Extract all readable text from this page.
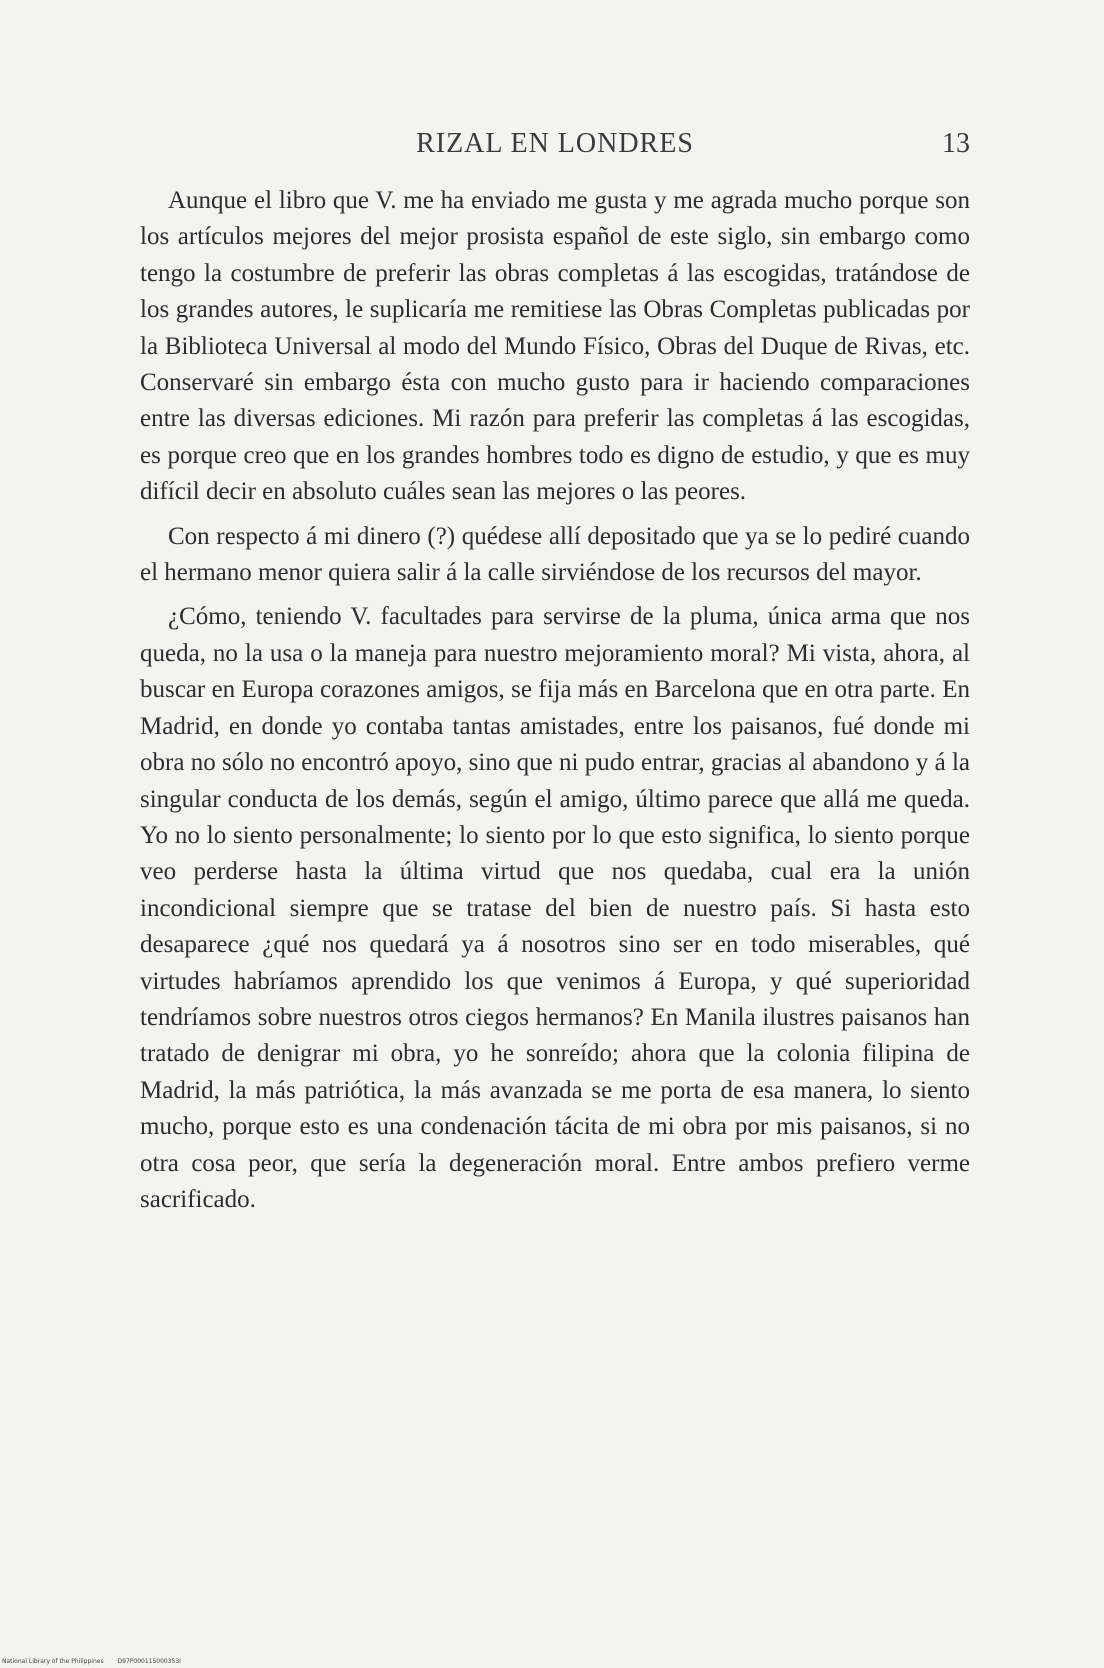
RIZAL EN LONDRES	13

Aunque el libro que V. me ha enviado me gusta y me agrada mucho porque son los artículos mejores del mejor prosista español de este siglo, sin embargo como tengo la costumbre de preferir las obras completas á las escogidas, tratándose de los grandes autores, le suplicaría me remitiese las Obras Completas publicadas por la Biblioteca Universal al modo del Mundo Físico, Obras del Duque de Rivas, etc. Conservaré sin embargo ésta con mucho gusto para ir haciendo comparaciones entre las diversas ediciones. Mi razón para preferir las completas á las escogidas, es porque creo que en los grandes hombres todo es digno de estudio, y que es muy difícil decir en absoluto cuáles sean las mejores o las peores.

Con respecto á mi dinero (?) quédese allí depositado que ya se lo pediré cuando el hermano menor quiera salir á la calle sirviéndose de los recursos del mayor.

¿Cómo, teniendo V. facultades para servirse de la pluma, única arma que nos queda, no la usa o la maneja para nuestro mejoramiento moral? Mi vista, ahora, al buscar en Europa corazones amigos, se fija más en Barcelona que en otra parte. En Madrid, en donde yo contaba tantas amistades, entre los paisanos, fué donde mi obra no sólo no encontró apoyo, sino que ni pudo entrar, gracias al abandono y á la singular conducta de los demás, según el amigo, último parece que allá me queda. Yo no lo siento personalmente; lo siento por lo que esto significa, lo siento porque veo perderse hasta la última virtud que nos quedaba, cual era la unión incondicional siempre que se tratase del bien de nuestro país. Si hasta esto desaparece ¿qué nos quedará ya á nosotros sino ser en todo miserables, qué virtudes habríamos aprendido los que venimos á Europa, y qué superioridad tendríamos sobre nuestros otros ciegos hermanos? En Manila ilustres paisanos han tratado de denigrar mi obra, yo he sonreído; ahora que la colonia filipina de Madrid, la más patriótica, la más avanzada se me porta de esa manera, lo siento mucho, porque esto es una condenación tácita de mi obra por mis paisanos, si no otra cosa peor, que sería la degeneración moral. Entre ambos prefiero verme sacrificado.

National Library of the Philippines D97P000115000353I
